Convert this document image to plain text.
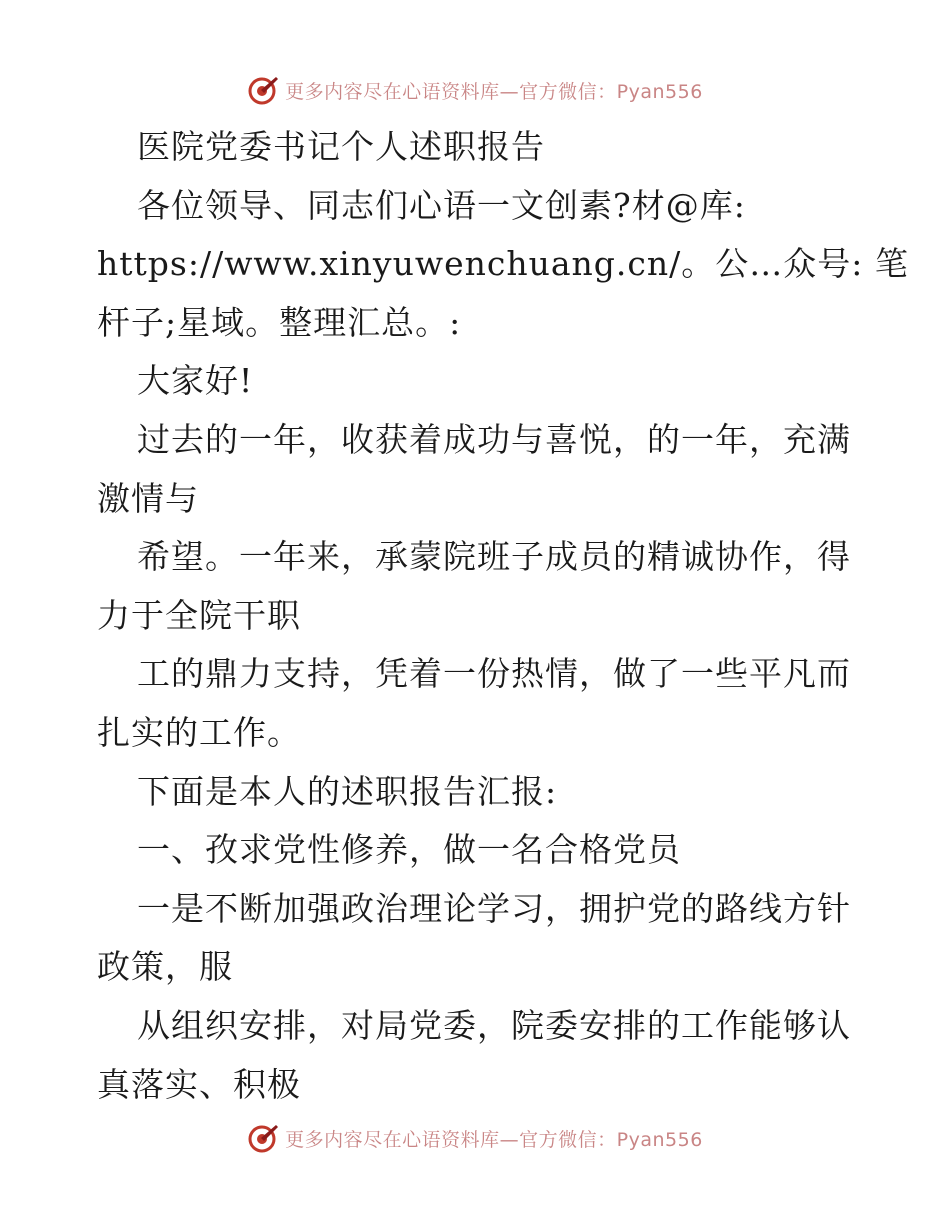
更多内容尽在心语资料库—官方微信：Pyan556
医院党委书记个人述职报告
各位领导、同志们心语一文创素?材@库:
https://www.xinyuwenchuang.cn/。公…众号: 笔
杆子;星域。整理汇总。:
大家好!
过去的一年，收获着成功与喜悦，的一年，充满
激情与
希望。一年来，承蒙院班子成员的精诚协作，得
力于全院干职
工的鼎力支持，凭着一份热情，做了一些平凡而
扎实的工作。
下面是本人的述职报告汇报:
一、孜求党性修养，做一名合格党员
一是不断加强政治理论学习，拥护党的路线方针
政策，服
从组织安排，对局党委，院委安排的工作能够认
真落实、积极
更多内容尽在心语资料库—官方微信：Pyan556
